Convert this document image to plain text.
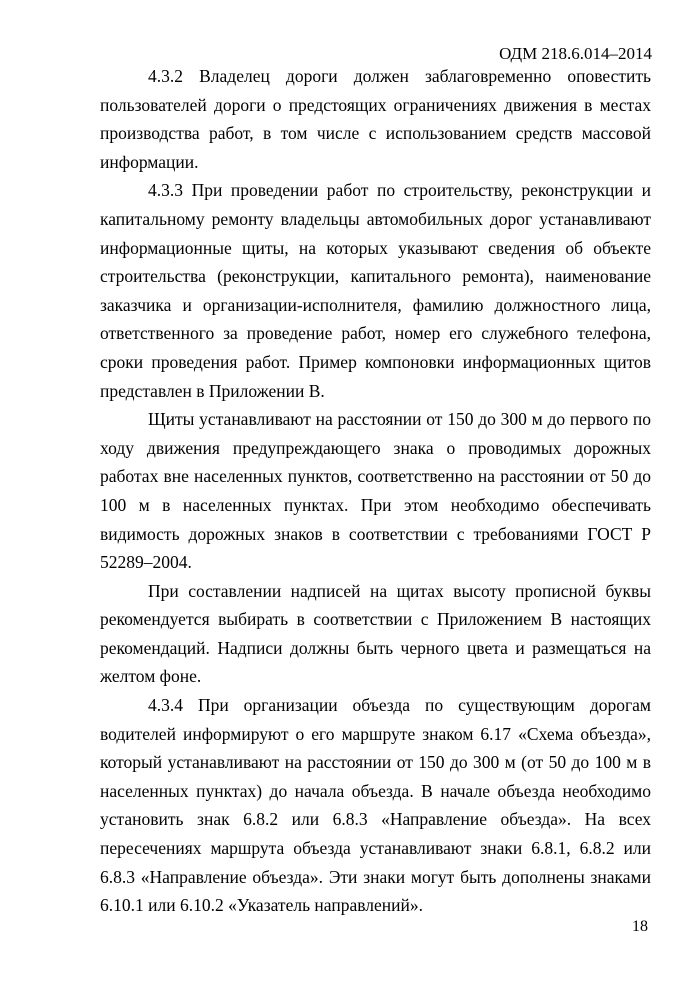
ОДМ 218.6.014–2014

4.3.2 Владелец дороги должен заблаговременно оповестить пользователей дороги о предстоящих ограничениях движения в местах производства работ, в том числе с использованием средств массовой информации.

4.3.3 При проведении работ по строительству, реконструкции и капитальному ремонту владельцы автомобильных дорог устанавливают информационные щиты, на которых указывают сведения об объекте строительства (реконструкции, капитального ремонта), наименование заказчика и организации-исполнителя, фамилию должностного лица, ответственного за проведение работ, номер его служебного телефона, сроки проведения работ. Пример компоновки информационных щитов представлен в Приложении В.

Щиты устанавливают на расстоянии от 150 до 300 м до первого по ходу движения предупреждающего знака о проводимых дорожных работах вне населенных пунктов, соответственно на расстоянии от 50 до 100 м в населенных пунктах. При этом необходимо обеспечивать видимость дорожных знаков в соответствии с требованиями ГОСТ Р 52289–2004.

При составлении надписей на щитах высоту прописной буквы рекомендуется выбирать в соответствии с Приложением В настоящих рекомендаций. Надписи должны быть черного цвета и размещаться на желтом фоне.

4.3.4 При организации объезда по существующим дорогам водителей информируют о его маршруте знаком 6.17 «Схема объезда», который устанавливают на расстоянии от 150 до 300 м (от 50 до 100 м в населенных пунктах) до начала объезда. В начале объезда необходимо установить знак 6.8.2 или 6.8.3 «Направление объезда». На всех пересечениях маршрута объезда устанавливают знаки 6.8.1, 6.8.2 или 6.8.3 «Направление объезда». Эти знаки могут быть дополнены знаками 6.10.1 или 6.10.2 «Указатель направлений».

18
